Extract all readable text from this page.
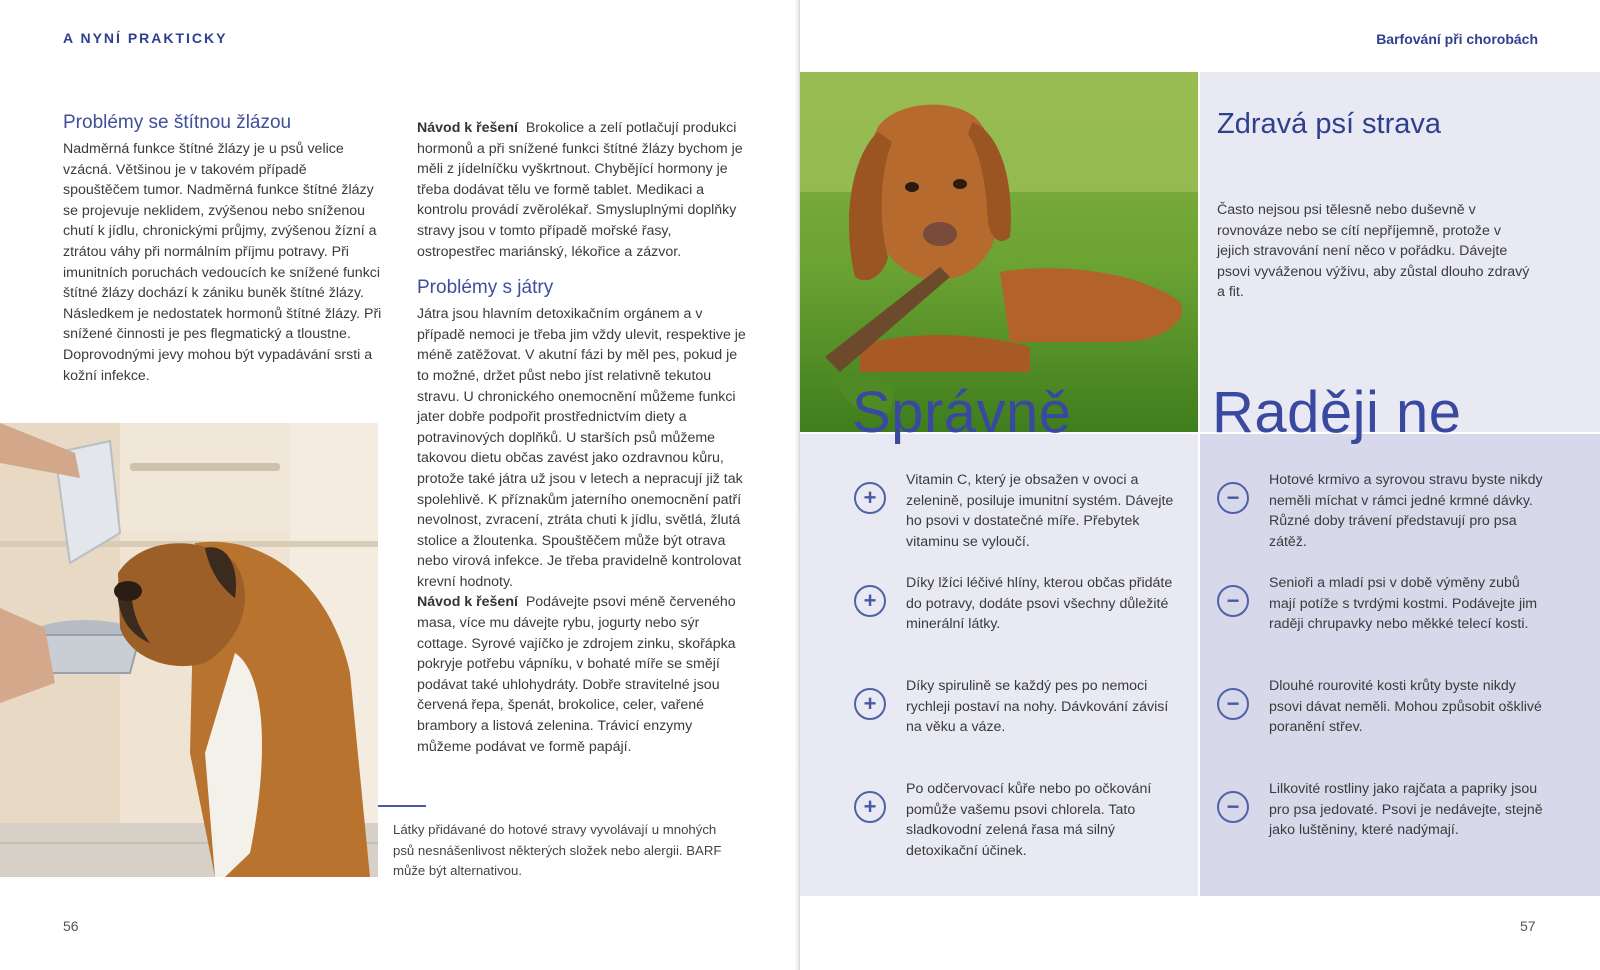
A NYNÍ PRAKTICKY
Problémy se štítnou žlázou

Nadměrná funkce štítné žlázy je u psů velice vzácná. Většinou je v takovém případě spouštěčem tumor. Nadměrná funkce štítné žlázy se projevuje neklidem, zvýšenou nebo sníženou chutí k jídlu, chronickými průjmy, zvýšenou žízní a ztrátou váhy při normálním příjmu potravy. Při imunitních poruchách vedoucích ke snížené funkci štítné žlázy dochází k zániku buněk štítné žlázy. Následkem je nedostatek hormonů štítné žlázy. Při snížené činnosti je pes flegmatický a tloustne. Doprovodnými jevy mohou být vypadávání srsti a kožní infekce.

Návod k řešení Brokolice a zelí potlačují produkci hormonů a při snížené funkci štítné žlázy bychom je měli z jídelníčku vyškrtnout. Chybějící hormony je třeba dodávat tělu ve formě tablet. Medikaci a kontrolu provádí zvěrolékař. Smysluplnými doplňky stravy jsou v tomto případě mořské řasy, ostropestřec mariánský, lékořice a zázvor.

Problémy s játry

Játra jsou hlavním detoxikačním orgánem a v případě nemoci je třeba jim vždy ulevit, respektive je méně zatěžovat. V akutní fázi by měl pes, pokud je to možné, držet půst nebo jíst relativně tekutou stravu. U chronického onemocnění můžeme funkci jater dobře podpořit prostřednictvím diety a potravinových doplňků. U starších psů můžeme takovou dietu občas zavést jako ozdravnou kůru, protože také játra už jsou v letech a nepracují již tak spolehlivě. K příznakům jaterního onemocnění patří nevolnost, zvracení, ztráta chuti k jídlu, světlá, žlutá stolice a žloutenka. Spouštěčem může být otrava nebo virová infekce. Je třeba pravidelně kontrolovat krevní hodnoty.

Návod k řešení Podávejte psovi méně červeného masa, více mu dávejte rybu, jogurty nebo sýr cottage. Syrové vajíčko je zdrojem zinku, skořápka pokryje potřebu vápníku, v bohaté míře se smějí podávat také uhlohydráty. Dobře stravitelné jsou červená řepa, špenát, brokolice, celer, vařené brambory a listová zelenina. Trávicí enzymy můžeme podávat ve formě papájí.

Látky přidávané do hotové stravy vyvolávají u mnohých psů nesnášenlivost některých složek nebo alergii. BARF může být alternativou.
56
Barfování při chorobách
57
Zdravá psí strava
Často nejsou psi tělesně nebo duševně v rovnováze nebo se cítí nepříjemně, protože v jejich stravování není něco v pořádku. Dávejte psovi vyváženou výživu, aby zůstal dlouho zdravý a fit.
Správně Raději ne
+
Vitamin C, který je obsažen v ovoci a zelenině, posiluje imunitní systém. Dávejte ho psovi v dostatečné míře. Přebytek vitaminu se vyloučí.
+
Díky lžíci léčivé hlíny, kterou občas přidáte do potravy, dodáte psovi všechny důležité minerální látky.
+
Díky spirulině se každý pes po nemoci rychleji postaví na nohy. Dávkování závisí na věku a váze.
+
Po odčervovací kůře nebo po očkování pomůže vašemu psovi chlorela. Tato sladkovodní zelená řasa má silný detoxikační účinek.
−
Hotové krmivo a syrovou stravu byste nikdy neměli míchat v rámci jedné krmné dávky. Různé doby trávení představují pro psa zátěž.
−
Senioři a mladí psi v době výměny zubů mají potíže s tvrdými kostmi. Podávejte jim raději chrupavky nebo měkké telecí kosti.
−
Dlouhé rourovité kosti krůty byste nikdy psovi dávat neměli. Mohou způsobit ošklivé poranění střev.
−
Lilkovité rostliny jako rajčata a papriky jsou pro psa jedovaté. Psovi je nedávejte, stejně jako luštěniny, které nadýmají.
